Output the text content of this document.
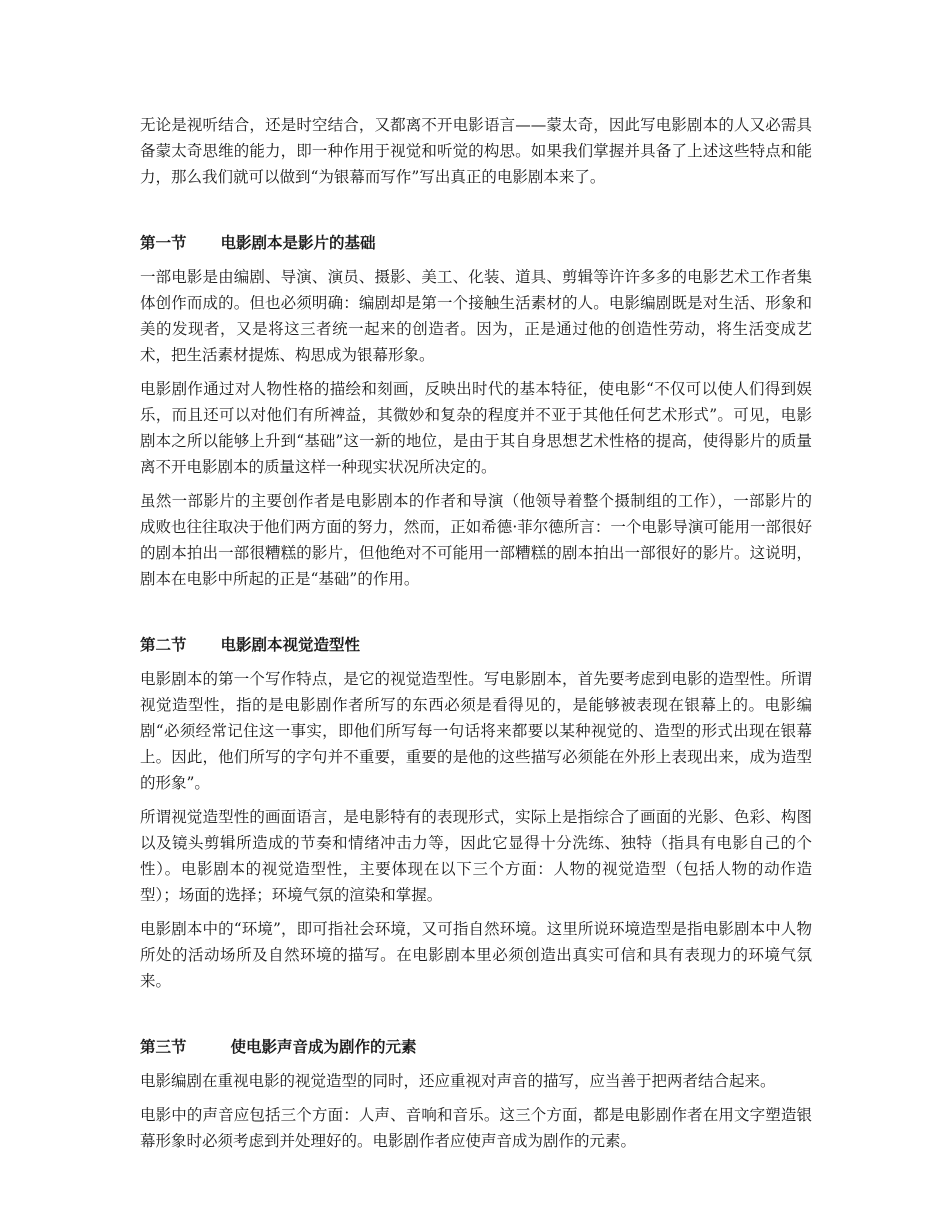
无论是视听结合，还是时空结合，又都离不开电影语言——蒙太奇，因此写电影剧本的人又必需具备蒙太奇思维的能力，即一种作用于视觉和听觉的构思。如果我们掌握并具备了上述这些特点和能力，那么我们就可以做到“为银幕而写作”写出真正的电影剧本来了。

第一节 电影剧本是影片的基础

一部电影是由编剧、导演、演员、摄影、美工、化装、道具、剪辑等许许多多的电影艺术工作者集体创作而成的。但也必须明确：编剧却是第一个接触生活素材的人。电影编剧既是对生活、形象和美的发现者，又是将这三者统一起来的创造者。因为，正是通过他的创造性劳动，将生活变成艺术，把生活素材提炼、构思成为银幕形象。

电影剧作通过对人物性格的描绘和刻画，反映出时代的基本特征，使电影“不仅可以使人们得到娱乐，而且还可以对他们有所裨益，其微妙和复杂的程度并不亚于其他任何艺术形式”。可见，电影剧本之所以能够上升到“基础”这一新的地位，是由于其自身思想艺术性格的提高，使得影片的质量离不开电影剧本的质量这样一种现实状况所决定的。

虽然一部影片的主要创作者是电影剧本的作者和导演（他领导着整个摄制组的工作），一部影片的成败也往往取决于他们两方面的努力，然而，正如希德·菲尔德所言：一个电影导演可能用一部很好的剧本拍出一部很糟糕的影片，但他绝对不可能用一部糟糕的剧本拍出一部很好的影片。这说明，剧本在电影中所起的正是“基础”的作用。

第二节 电影剧本视觉造型性

电影剧本的第一个写作特点，是它的视觉造型性。写电影剧本，首先要考虑到电影的造型性。所谓视觉造型性，指的是电影剧作者所写的东西必须是看得见的，是能够被表现在银幕上的。电影编剧“必须经常记住这一事实，即他们所写每一句话将来都要以某种视觉的、造型的形式出现在银幕上。因此，他们所写的字句并不重要，重要的是他的这些描写必须能在外形上表现出来，成为造型的形象”。

所谓视觉造型性的画面语言，是电影特有的表现形式，实际上是指综合了画面的光影、色彩、构图以及镜头剪辑所造成的节奏和情绪冲击力等，因此它显得十分洗练、独特（指具有电影自己的个性）。电影剧本的视觉造型性，主要体现在以下三个方面：人物的视觉造型（包括人物的动作造型）；场面的选择；环境气氛的渲染和掌握。

电影剧本中的“环境”，即可指社会环境，又可指自然环境。这里所说环境造型是指电影剧本中人物所处的活动场所及自然环境的描写。在电影剧本里必须创造出真实可信和具有表现力的环境气氛来。

第三节	使电影声音成为剧作的元素

电影编剧在重视电影的视觉造型的同时，还应重视对声音的描写，应当善于把两者结合起来。

电影中的声音应包括三个方面：人声、音响和音乐。这三个方面，都是电影剧作者在用文字塑造银幕形象时必须考虑到并处理好的。电影剧作者应使声音成为剧作的元素。
